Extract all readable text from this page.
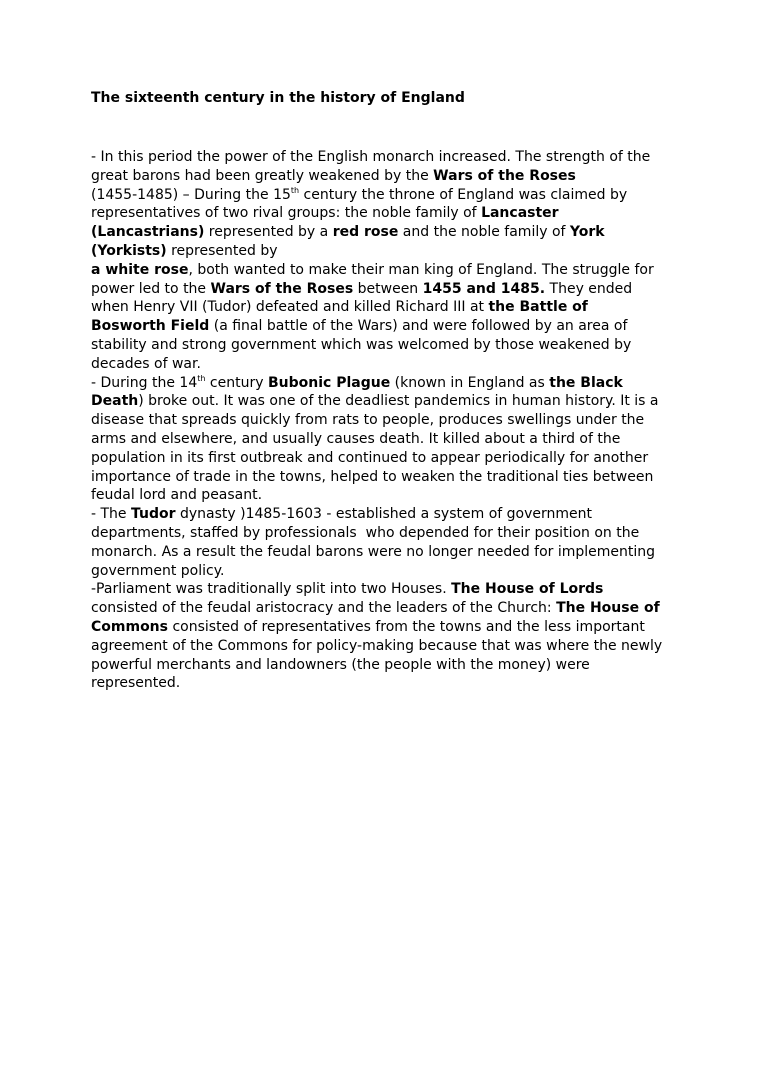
The sixteenth century in the history of England
- In this period the power of the English monarch increased. The strength of the
great barons had been greatly weakened by the Wars of the Roses
(1455-1485) – During the 15th century the throne of England was claimed by
representatives of two rival groups: the noble family of Lancaster
(Lancastrians) represented by a red rose and the noble family of York
(Yorkists) represented by
a white rose, both wanted to make their man king of England. The struggle for
power led to the Wars of the Roses between 1455 and 1485. They ended
when Henry VII (Tudor) defeated and killed Richard III at the Battle of
Bosworth Field (a final battle of the Wars) and were followed by an area of
stability and strong government which was welcomed by those weakened by
decades of war.
- During the 14th century Bubonic Plague (known in England as the Black
Death) broke out. It was one of the deadliest pandemics in human history. It is a
disease that spreads quickly from rats to people, produces swellings under the
arms and elsewhere, and usually causes death. It killed about a third of the
population in its first outbreak and continued to appear periodically for another
importance of trade in the towns, helped to weaken the traditional ties between
feudal lord and peasant.
- The Tudor dynasty )1485-1603 - established a system of government
departments, staffed by professionals  who depended for their position on the
monarch. As a result the feudal barons were no longer needed for implementing
government policy.
-Parliament was traditionally split into two Houses. The House of Lords
consisted of the feudal aristocracy and the leaders of the Church: The House of
Commons consisted of representatives from the towns and the less important
agreement of the Commons for policy-making because that was where the newly
powerful merchants and landowners (the people with the money) were
represented.
